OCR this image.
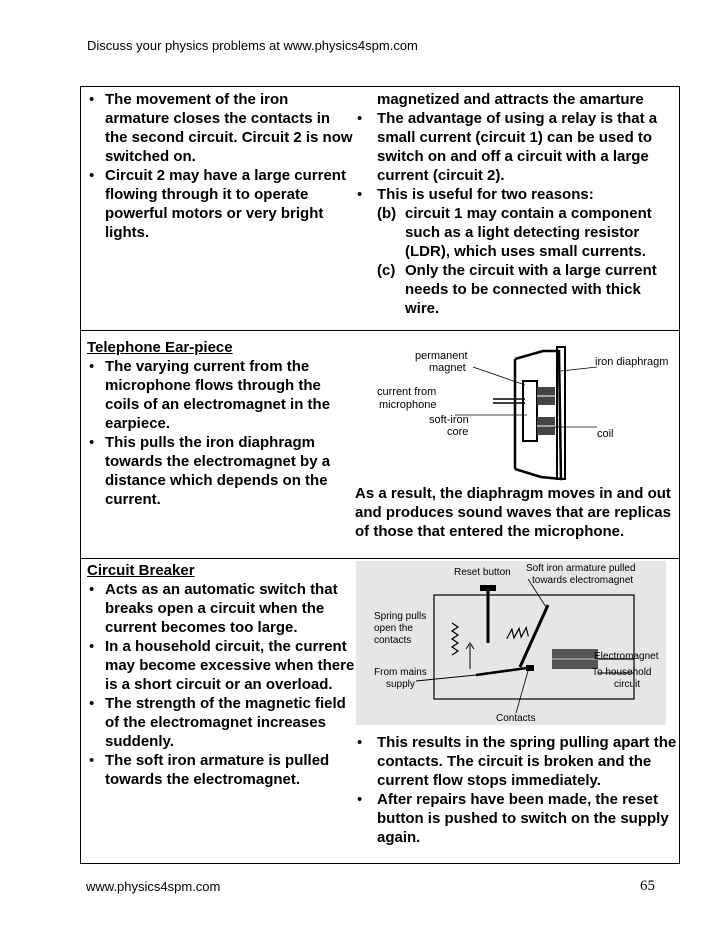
Discuss your physics problems at www.physics4spm.com
• The movement of the iron armature closes the contacts in the second circuit. Circuit 2 is now switched on.
• Circuit 2 may have a large current flowing through it to operate powerful motors or very bright lights.
magnetized and attracts the amarture
• The advantage of using a relay is that a small current (circuit 1) can be used to switch on and off a circuit with a large current (circuit 2).
• This is useful for two reasons:
(b) circuit 1 may contain a component such as a light detecting resistor (LDR), which uses small currents.
(c) Only the circuit with a large current needs to be connected with thick wire.
Telephone Ear-piece
• The varying current from the microphone flows through the coils of an electromagnet in the earpiece.
• This pulls the iron diaphragm towards the electromagnet by a distance which depends on the current.
permanent
magnet	iron diaphragm
current from
microphone
soft-iron
core	coil
As a result, the diaphragm moves in and out and produces sound waves that are replicas of those that entered the microphone.
Circuit Breaker
• Acts as an automatic switch that breaks open a circuit when the current becomes too large.
• In a household circuit, the current may become excessive when there is a short circuit or an overload.
• The strength of the magnetic field of the electromagnet increases suddenly.
• The soft iron armature is pulled towards the electromagnet.
Reset button Soft iron armature pulled
towards electromagnet
Spring pulls
open the
contacts
From mains
supply
Electromagnet
To household
circuit
Contacts
• This results in the spring pulling apart the contacts. The circuit is broken and the current flow stops immediately.
• After repairs have been made, the reset button is pushed to switch on the supply again.
www.physics4spm.com	65
